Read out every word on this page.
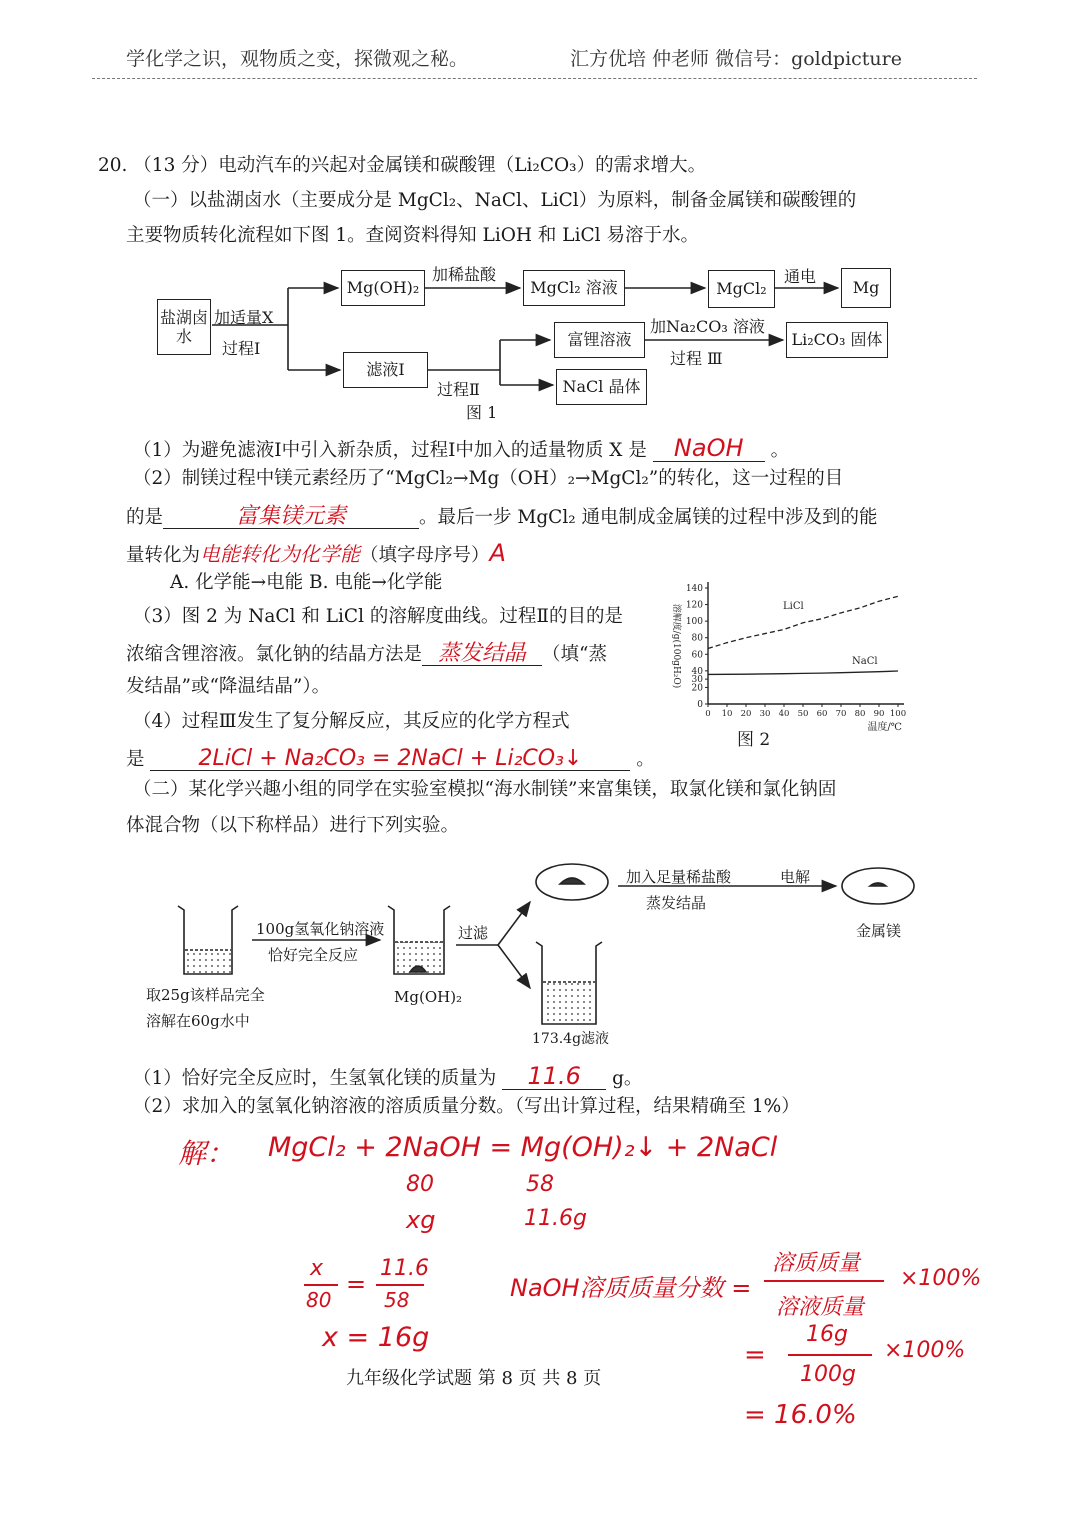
学化学之识，观物质之变，探微观之秘。	汇方优培 仲老师 微信号：goldpicture
20. （13 分）电动汽车的兴起对金属镁和碳酸锂（Li₂CO₃）的需求增大。
（一）以盐湖卤水（主要成分是 MgCl₂、NaCl、LiCl）为原料，制备金属镁和碳酸锂的
主要物质转化流程如下图 1。查阅资料得知 LiOH 和 LiCl 易溶于水。
盐湖卤水
Mg(OH)₂	MgCl₂ 溶液	MgCl₂	Mg
滤液Ⅰ
富锂溶液	Li₂CO₃ 固体
NaCl 晶体
加适量X
过程Ⅰ
加稀盐酸	通电
加Na₂CO₃ 溶液
过程 Ⅲ
过程Ⅱ
图 1
（1）为避免滤液Ⅰ中引入新杂质，过程Ⅰ中加入的适量物质 X 是 NaOH 。
（2）制镁过程中镁元素经历了“MgCl₂→Mg（OH）₂→MgCl₂”的转化，这一过程的目
的是	富集镁元素	。最后一步 MgCl₂ 通电制成金属镁的过程中涉及到的能
量转化为电能转化为化学能（填字母序号）A
A. 化学能→电能 B. 电能→化学能
（3）图 2 为 NaCl 和 LiCl 的溶解度曲线。过程Ⅱ的目的是
浓缩含锂溶液。氯化钠的结晶方法是 蒸发结晶 （填“蒸
发结晶”或“降温结晶”）。
（4）过程Ⅲ发生了复分解反应，其反应的化学方程式
是 2LiCl + Na₂CO₃ = 2NaCl + Li₂CO₃↓	。
0
20
30
40
60
80
100
120
140
0 10 20 30 40 50 60 70 80 90 100
LiCl
NaCl
溶解度/g(100gH₂O)
温度/℃
图 2
（二）某化学兴趣小组的同学在实验室模拟“海水制镁”来富集镁，取氯化镁和氯化钠固
体混合物（以下称样品）进行下列实验。
取25g该样品完全
溶解在60g水中
100g氢氧化钠溶液
恰好完全反应
Mg(OH)₂
过滤
加入足量稀盐酸
蒸发结晶
电解
金属镁
173.4g滤液
（1）恰好完全反应时，生氢氧化镁的质量为 11.6 g。
（2）求加入的氢氧化钠溶液的溶质质量分数。（写出计算过程，结果精确至 1%）
解： MgCl₂ + 2NaOH = Mg(OH)₂↓ + 2NaCl
80	58
xg	11.6g
x
80
=
11.6
58
x = 16g
NaOH溶质质量分数 =
溶质质量
溶液质量
×100%
=
16g
100g
×100%
= 16.0%
九年级化学试题 第 8 页 共 8 页
